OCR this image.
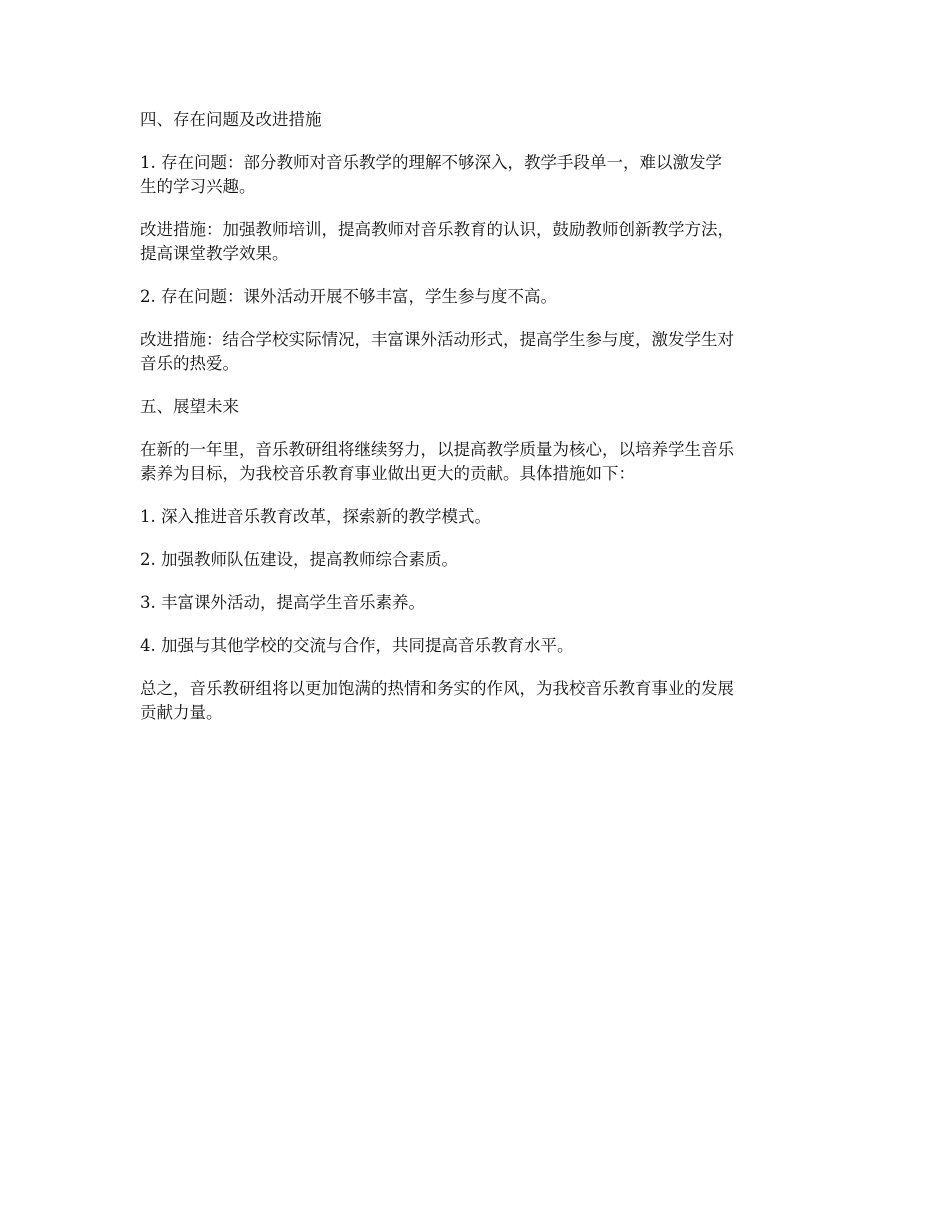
四、存在问题及改进措施

1. 存在问题：部分教师对音乐教学的理解不够深入，教学手段单一，难以激发学
生的学习兴趣。

改进措施：加强教师培训，提高教师对音乐教育的认识，鼓励教师创新教学方法，
提高课堂教学效果。

2. 存在问题：课外活动开展不够丰富，学生参与度不高。

改进措施：结合学校实际情况，丰富课外活动形式，提高学生参与度，激发学生对
音乐的热爱。

五、展望未来

在新的一年里，音乐教研组将继续努力，以提高教学质量为核心，以培养学生音乐
素养为目标，为我校音乐教育事业做出更大的贡献。具体措施如下：

1. 深入推进音乐教育改革，探索新的教学模式。

2. 加强教师队伍建设，提高教师综合素质。

3. 丰富课外活动，提高学生音乐素养。

4. 加强与其他学校的交流与合作，共同提高音乐教育水平。

总之，音乐教研组将以更加饱满的热情和务实的作风，为我校音乐教育事业的发展
贡献力量。
